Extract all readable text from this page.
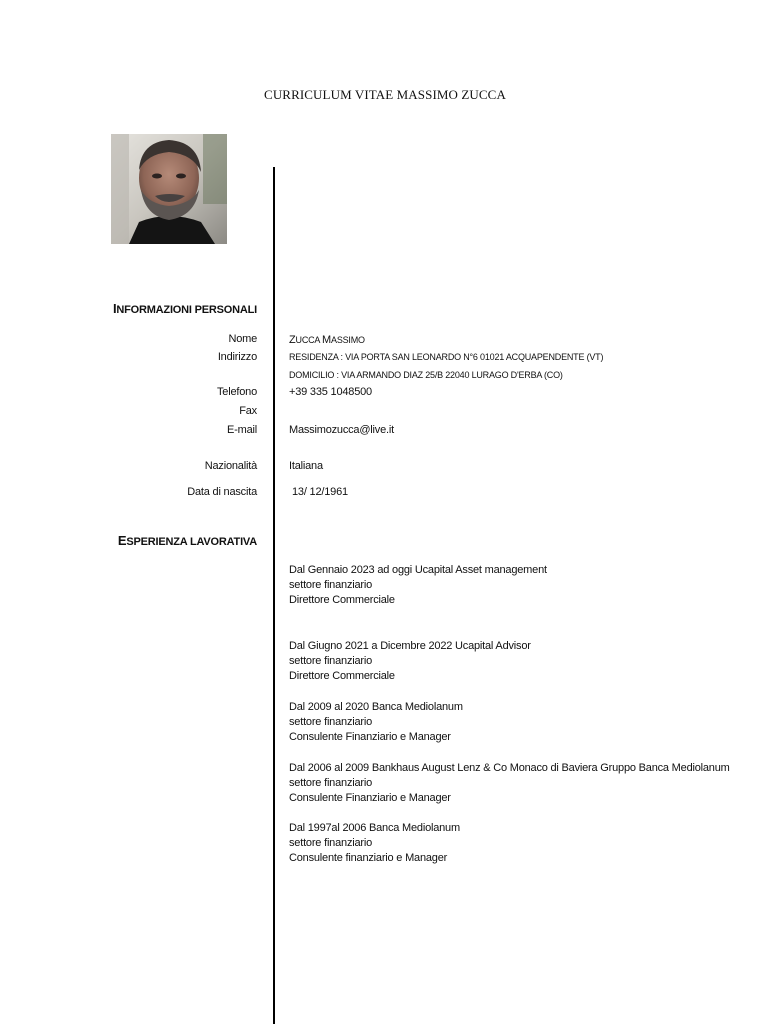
CURRICULUM VITAE MASSIMO ZUCCA
INFORMAZIONI PERSONALI
Nome	ZUCCA MASSIMO
Indirizzo	RESIDENZA : VIA PORTA SAN LEONARDO N°6 01021 ACQUAPENDENTE (VT)
DOMICILIO : VIA ARMANDO DIAZ 25/B 22040 LURAGO D'ERBA (CO)
Telefono	+39 335 1048500
Fax
E-mail	Massimozucca@live.it
Nazionalità	Italiana
Data di nascita	13/ 12/1961
ESPERIENZA LAVORATIVA
Dal Gennaio 2023 ad oggi Ucapital Asset management
settore finanziario
Direttore Commerciale
Dal Giugno 2021 a Dicembre 2022 Ucapital Advisor
settore finanziario
Direttore Commerciale
Dal 2009 al 2020 Banca Mediolanum
settore finanziario
Consulente Finanziario e Manager
Dal 2006 al 2009 Bankhaus August Lenz & Co Monaco di Baviera Gruppo Banca Mediolanum
settore finanziario
Consulente Finanziario e Manager
Dal 1997al 2006 Banca Mediolanum
settore finanziario
Consulente finanziario e Manager
